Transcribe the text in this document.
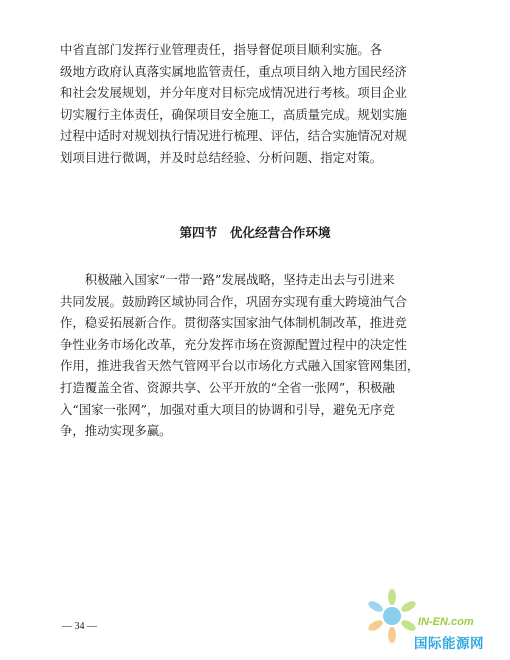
中省直部门发挥行业管理责任，指导督促项目顺利实施。各
级地方政府认真落实属地监管责任，重点项目纳入地方国民经济
和社会发展规划，并分年度对目标完成情况进行考核。项目企业
切实履行主体责任，确保项目安全施工，高质量完成。规划实施
过程中适时对规划执行情况进行梳理、评估，结合实施情况对规
划项目进行微调，并及时总结经验、分析问题、指定对策。

第四节　优化经营合作环境

　　积极融入国家“一带一路”发展战略，坚持走出去与引进来
共同发展。鼓励跨区域协同合作，巩固夯实现有重大跨境油气合
作，稳妥拓展新合作。贯彻落实国家油气体制机制改革，推进竞
争性业务市场化改革，充分发挥市场在资源配置过程中的决定性
作用，推进我省天然气管网平台以市场化方式融入国家管网集团，
打造覆盖全省、资源共享、公平开放的“全省一张网”，积极融
入“国家一张网”，加强对重大项目的协调和引导，避免无序竞
争，推动实现多赢。

— 34 —	IN-EN.com
国际能源网
